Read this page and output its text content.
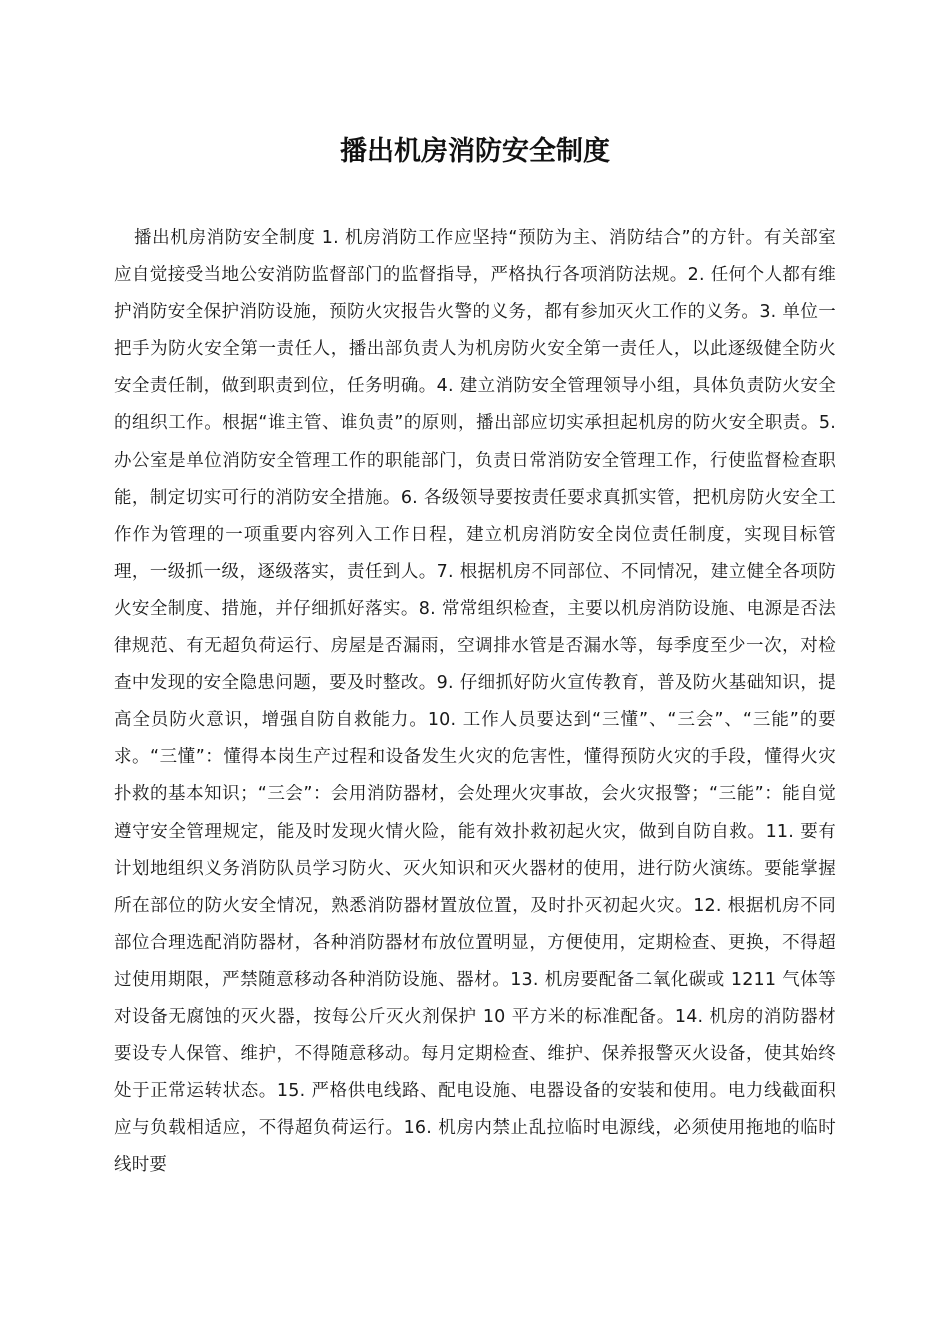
播出机房消防安全制度

播出机房消防安全制度 1. 机房消防工作应坚持“预防为主、消防结合”的方针。有关部室应自觉接受当地公安消防监督部门的监督指导，严格执行各项消防法规。2. 任何个人都有维护消防安全保护消防设施，预防火灾报告火警的义务，都有参加灭火工作的义务。3. 单位一把手为防火安全第一责任人，播出部负责人为机房防火安全第一责任人，以此逐级健全防火安全责任制，做到职责到位，任务明确。4. 建立消防安全管理领导小组，具体负责防火安全的组织工作。根据“谁主管、谁负责”的原则，播出部应切实承担起机房的防火安全职责。5. 办公室是单位消防安全管理工作的职能部门，负责日常消防安全管理工作，行使监督检查职能，制定切实可行的消防安全措施。6. 各级领导要按责任要求真抓实管，把机房防火安全工作作为管理的一项重要内容列入工作日程，建立机房消防安全岗位责任制度，实现目标管理，一级抓一级，逐级落实，责任到人。7. 根据机房不同部位、不同情况，建立健全各项防火安全制度、措施，并仔细抓好落实。8. 常常组织检查，主要以机房消防设施、电源是否法律规范、有无超负荷运行、房屋是否漏雨，空调排水管是否漏水等，每季度至少一次，对检查中发现的安全隐患问题，要及时整改。9. 仔细抓好防火宣传教育，普及防火基础知识，提高全员防火意识，增强自防自救能力。10. 工作人员要达到“三懂”、“三会”、“三能”的要求。“三懂”：懂得本岗生产过程和设备发生火灾的危害性，懂得预防火灾的手段，懂得火灾扑救的基本知识；“三会”：会用消防器材，会处理火灾事故，会火灾报警；“三能”：能自觉遵守安全管理规定，能及时发现火情火险，能有效扑救初起火灾，做到自防自救。11. 要有计划地组织义务消防队员学习防火、灭火知识和灭火器材的使用，进行防火演练。要能掌握所在部位的防火安全情况，熟悉消防器材置放位置，及时扑灭初起火灾。12. 根据机房不同部位合理选配消防器材，各种消防器材布放位置明显，方便使用，定期检查、更换，不得超过使用期限，严禁随意移动各种消防设施、器材。13. 机房要配备二氧化碳或 1211 气体等对设备无腐蚀的灭火器，按每公斤灭火剂保护 10 平方米的标准配备。14. 机房的消防器材要设专人保管、维护，不得随意移动。每月定期检查、维护、保养报警灭火设备，使其始终处于正常运转状态。15. 严格供电线路、配电设施、电器设备的安装和使用。电力线截面积应与负载相适应，不得超负荷运行。16. 机房内禁止乱拉临时电源线，必须使用拖地的临时线时要
